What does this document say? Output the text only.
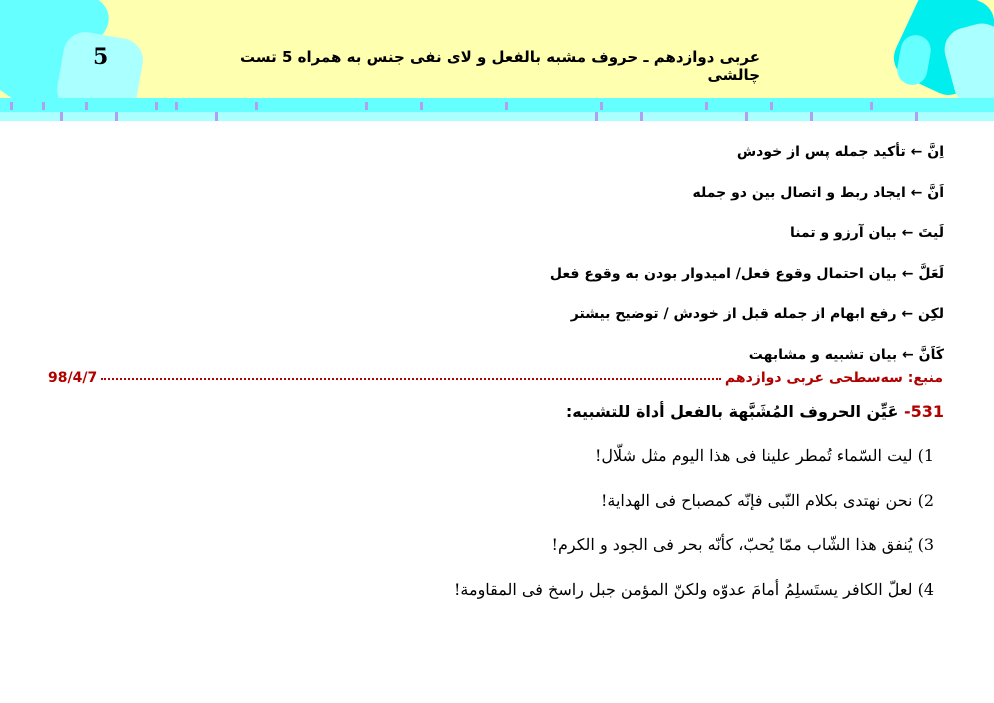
5	عربی دوازدهم ـ حروف مشبه بالفعل و لای نفی جنس به همراه 5 تست چالشی
اِنَّ ← تأکید جمله پس از خودش
اَنَّ ← ایجاد ربط و اتصال بین دو جمله
لَیتَ ← بیان آرزو و تمنا
لَعَلَّ ← بیان احتمال وقوع فعل/ امیدوار بودن به وقوع فعل
لکِن ← رفع ابهام از جمله قبل از خودش / توضیح بیشتر
کَاَنَّ ← بیان تشبیه و مشابهت
منبع: سه‌سطحی عربی دوازدهم
98/4/7
531- عَیِّن الحروف المُشَبَّهة بالفعل أداة للتشبیه:
1) لیت السّماء تُمطر علینا فی هذا الیوم مثل شلّال!
2) نحن نهتدی بکلام النّبی فإنّه کمصباح فی الهدایة!
3) یُنفق هذا الشّاب ممّا یُحبّ، کأنّه بحر فی الجود و الکرم!
4) لعلّ الکافر یستَسلِمُ أمامَ عدوّه ولکنّ المؤمن جبل راسخ فی المقاومة!
